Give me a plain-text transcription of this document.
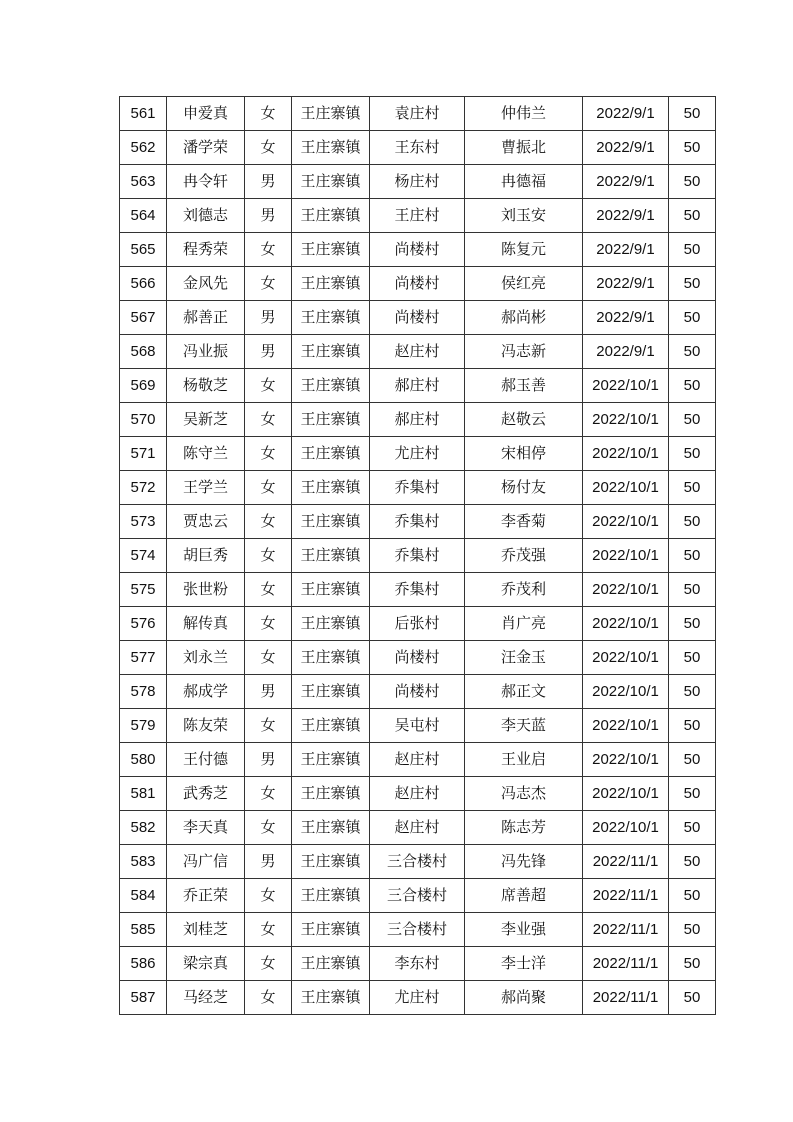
561	申爱真	女	王庄寨镇	袁庄村	仲伟兰	2022/9/1	50
562	潘学荣	女	王庄寨镇	王东村	曹振北	2022/9/1	50
563	冉令轩	男	王庄寨镇	杨庄村	冉德福	2022/9/1	50
564	刘德志	男	王庄寨镇	王庄村	刘玉安	2022/9/1	50
565	程秀荣	女	王庄寨镇	尚楼村	陈复元	2022/9/1	50
566	金风先	女	王庄寨镇	尚楼村	侯红亮	2022/9/1	50
567	郝善正	男	王庄寨镇	尚楼村	郝尚彬	2022/9/1	50
568	冯业振	男	王庄寨镇	赵庄村	冯志新	2022/9/1	50
569	杨敬芝	女	王庄寨镇	郝庄村	郝玉善	2022/10/1	50
570	吴新芝	女	王庄寨镇	郝庄村	赵敬云	2022/10/1	50
571	陈守兰	女	王庄寨镇	尤庄村	宋相停	2022/10/1	50
572	王学兰	女	王庄寨镇	乔集村	杨付友	2022/10/1	50
573	贾忠云	女	王庄寨镇	乔集村	李香菊	2022/10/1	50
574	胡巨秀	女	王庄寨镇	乔集村	乔茂强	2022/10/1	50
575	张世粉	女	王庄寨镇	乔集村	乔茂利	2022/10/1	50
576	解传真	女	王庄寨镇	后张村	肖广亮	2022/10/1	50
577	刘永兰	女	王庄寨镇	尚楼村	汪金玉	2022/10/1	50
578	郝成学	男	王庄寨镇	尚楼村	郝正文	2022/10/1	50
579	陈友荣	女	王庄寨镇	吴屯村	李天蓝	2022/10/1	50
580	王付德	男	王庄寨镇	赵庄村	王业启	2022/10/1	50
581	武秀芝	女	王庄寨镇	赵庄村	冯志杰	2022/10/1	50
582	李天真	女	王庄寨镇	赵庄村	陈志芳	2022/10/1	50
583	冯广信	男	王庄寨镇	三合楼村	冯先锋	2022/11/1	50
584	乔正荣	女	王庄寨镇	三合楼村	席善超	2022/11/1	50
585	刘桂芝	女	王庄寨镇	三合楼村	李业强	2022/11/1	50
586	梁宗真	女	王庄寨镇	李东村	李士洋	2022/11/1	50
587	马经芝	女	王庄寨镇	尤庄村	郝尚聚	2022/11/1	50
